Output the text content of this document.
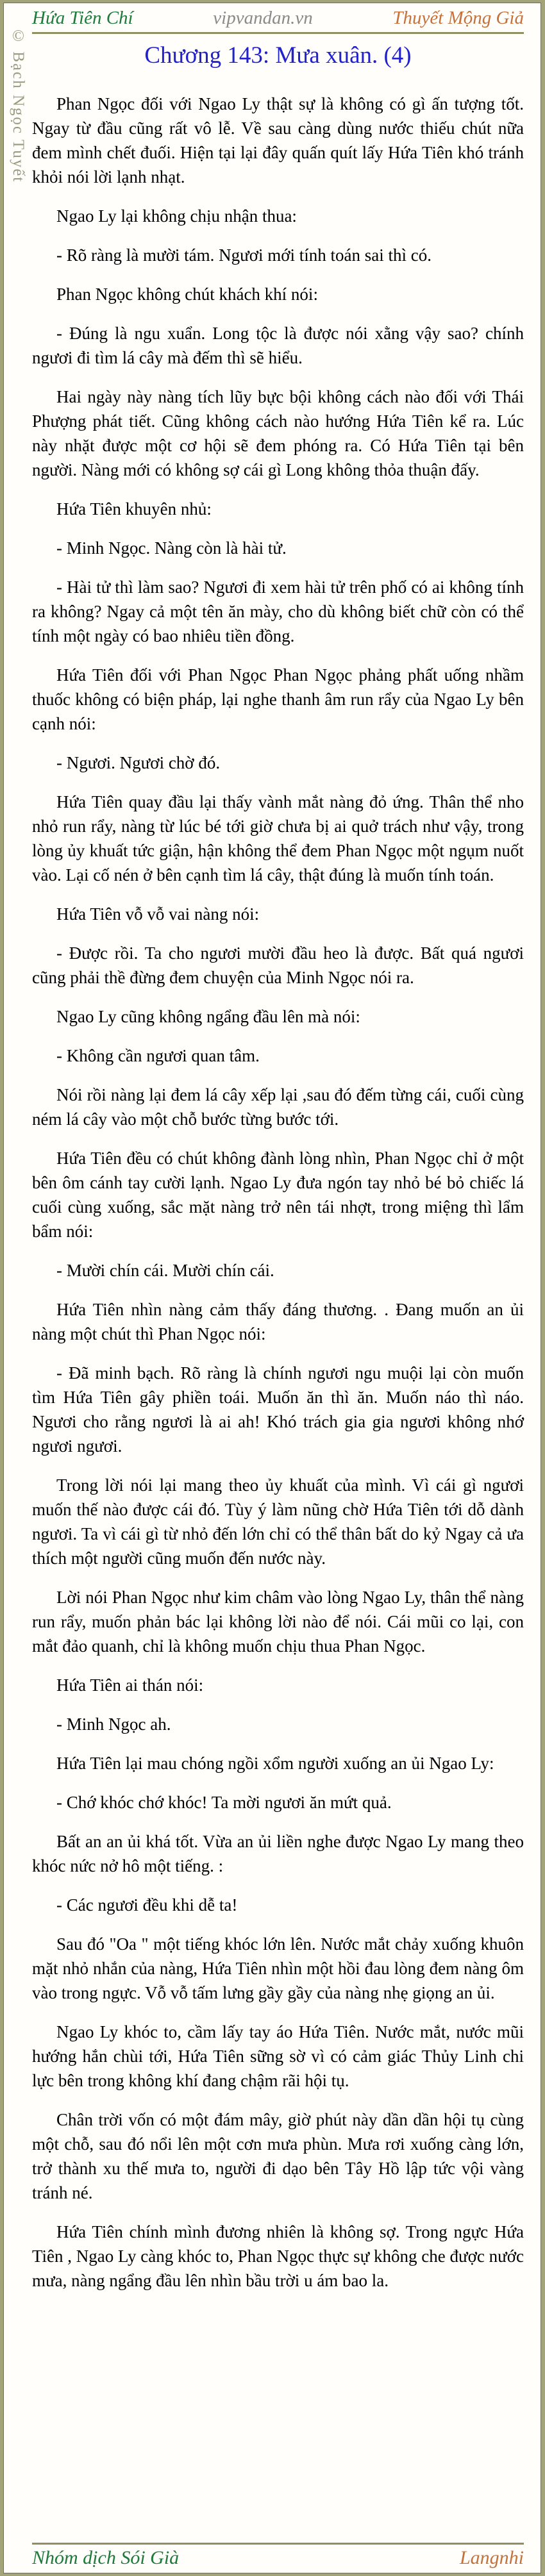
Hứa Tiên Chí	vipvandan.vn	Thuyết Mộng Giả
Chương 143: Mưa xuân. (4)
© Bạch Ngọc Tuyết	Phan Ngọc đối với Ngao Ly thật sự là không có gì ấn tượng tốt. Ngay từ đầu cũng rất vô lễ. Về sau càng dùng nước thiếu chút nữa đem mình chết đuối. Hiện tại lại đây quấn quít lấy Hứa Tiên khó tránh khỏi nói lời lạnh nhạt.

Ngao Ly lại không chịu nhận thua:

- Rõ ràng là mười tám. Ngươi mới tính toán sai thì có.

Phan Ngọc không chút khách khí nói:

- Đúng là ngu xuẩn. Long tộc là được nói xằng vậy sao? chính ngươi đi tìm lá cây mà đếm thì sẽ hiểu.

Hai ngày này nàng tích lũy bực bội không cách nào đối với Thái Phượng phát tiết. Cũng không cách nào hướng Hứa Tiên kể ra. Lúc này nhặt được một cơ hội sẽ đem phóng ra. Có Hứa Tiên tại bên người. Nàng mới có không sợ cái gì Long không thỏa thuận đấy.

Hứa Tiên khuyên nhủ:

- Minh Ngọc. Nàng còn là hài tử.

- Hài tử thì làm sao? Ngươi đi xem hài tử trên phố có ai không tính ra không? Ngay cả một tên ăn mày, cho dù không biết chữ còn có thể tính một ngày có bao nhiêu tiền đồng.

Hứa Tiên đối với Phan Ngọc Phan Ngọc phảng phất uống nhầm thuốc không có biện pháp, lại nghe thanh âm run rẩy của Ngao Ly bên cạnh nói:

- Ngươi. Ngươi chờ đó.

Hứa Tiên quay đầu lại thấy vành mắt nàng đỏ ứng. Thân thể nho nhỏ run rẩy, nàng từ lúc bé tới giờ chưa bị ai quở trách như vậy, trong lòng ủy khuất tức giận, hận không thể đem Phan Ngọc một ngụm nuốt vào. Lại cố nén ở bên cạnh tìm lá cây, thật đúng là muốn tính toán.

Hứa Tiên vỗ vỗ vai nàng nói:

- Được rồi. Ta cho ngươi mười đầu heo là được. Bất quá ngươi cũng phải thề đừng đem chuyện của Minh Ngọc nói ra.

Ngao Ly cũng không ngẩng đầu lên mà nói:

- Không cần ngươi quan tâm.

Nói rồi nàng lại đem lá cây xếp lại ,sau đó đếm từng cái, cuối cùng ném lá cây vào một chỗ bước từng bước tới.

Hứa Tiên đều có chút không đành lòng nhìn, Phan Ngọc chỉ ở một bên ôm cánh tay cười lạnh. Ngao Ly đưa ngón tay nhỏ bé bỏ chiếc lá cuối cùng xuống, sắc mặt nàng trở nên tái nhợt, trong miệng thì lẩm bẩm nói:

- Mười chín cái. Mười chín cái.

Hứa Tiên nhìn nàng cảm thấy đáng thương. . Đang muốn an ủi nàng một chút thì Phan Ngọc nói:

- Đã minh bạch. Rõ ràng là chính ngươi ngu muội lại còn muốn tìm Hứa Tiên gây phiền toái. Muốn ăn thì ăn. Muốn náo thì náo. Ngươi cho rằng ngươi là ai ah! Khó trách gia gia ngươi không nhớ ngươi ngươi.

Trong lời nói lại mang theo ủy khuất của mình. Vì cái gì ngươi muốn thế nào được cái đó. Tùy ý làm nũng chờ Hứa Tiên tới dỗ dành ngươi. Ta vì cái gì từ nhỏ đến lớn chỉ có thể thân bất do kỷ Ngay cả ưa thích một người cũng muốn đến nước này.

Lời nói Phan Ngọc như kim châm vào lòng Ngao Ly, thân thể nàng run rẩy, muốn phản bác lại không lời nào để nói. Cái mũi co lại, con mắt đảo quanh, chỉ là không muốn chịu thua Phan Ngọc.

Hứa Tiên ai thán nói:

- Minh Ngọc ah.

Hứa Tiên lại mau chóng ngồi xổm người xuống an ủi Ngao Ly:

- Chớ khóc chớ khóc! Ta mời ngươi ăn mứt quả.

Bất an an ủi khá tốt. Vừa an ủi liền nghe được Ngao Ly mang theo khóc nức nở hô một tiếng. :

- Các ngươi đều khi dễ ta!

Sau đó "Oa " một tiếng khóc lớn lên. Nước mắt chảy xuống khuôn mặt nhỏ nhắn của nàng, Hứa Tiên nhìn một hồi đau lòng đem nàng ôm vào trong ngực. Vỗ vỗ tấm lưng gầy gầy của nàng nhẹ giọng an ủi.

Ngao Ly khóc to, cầm lấy tay áo Hứa Tiên. Nước mắt, nước mũi hướng hắn chùi tới, Hứa Tiên sững sờ vì có cảm giác Thủy Linh chi lực bên trong không khí đang chậm rãi hội tụ.

Chân trời vốn có một đám mây, giờ phút này dần dần hội tụ cùng một chỗ, sau đó nổi lên một cơn mưa phùn. Mưa rơi xuống càng lớn, trở thành xu thế mưa to, người đi dạo bên Tây Hồ lập tức vội vàng tránh né.

Hứa Tiên chính mình đương nhiên là không sợ. Trong ngực Hứa Tiên , Ngao Ly càng khóc to, Phan Ngọc thực sự không che được nước mưa, nàng ngẩng đầu lên nhìn bầu trời u ám bao la.

Nhóm dịch Sói Già	Langnhi
